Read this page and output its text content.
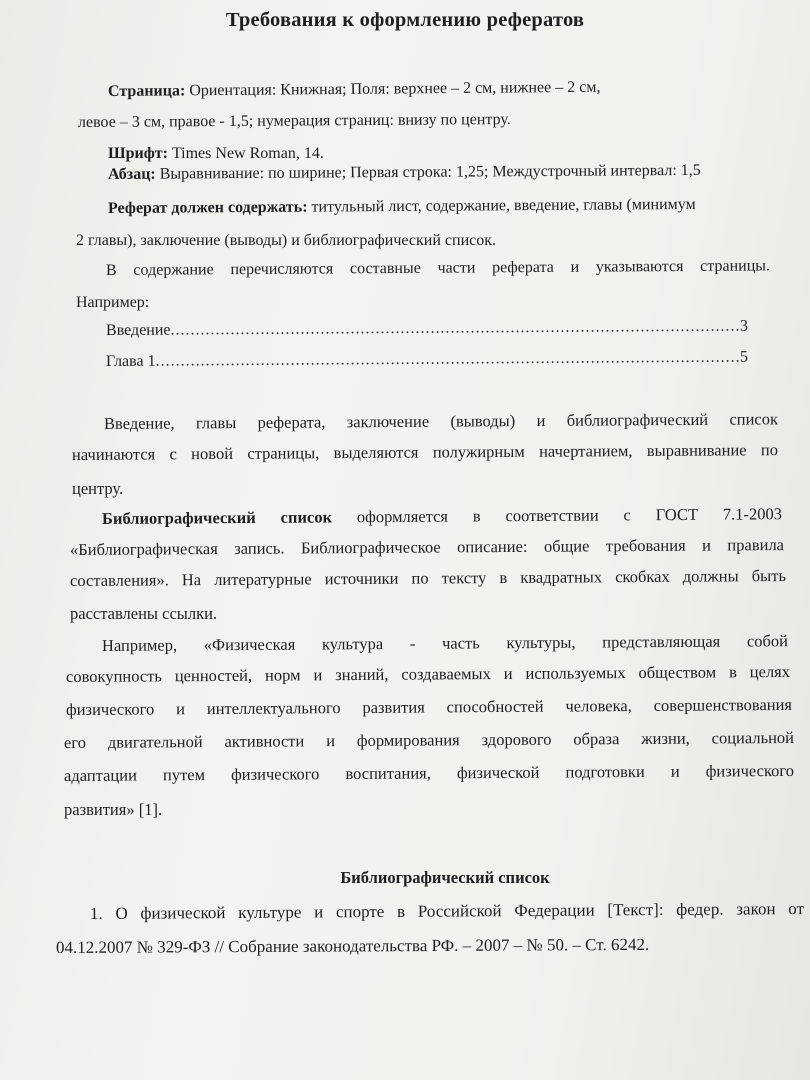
Требования к оформлению рефератов

Страница: Ориентация: Книжная; Поля: верхнее – 2 см, нижнее – 2 см,

левое – 3 см, правое - 1,5; нумерация страниц: внизу по центру.

Шрифт: Times New Roman, 14.

Абзац: Выравнивание: по ширине; Первая строка: 1,25; Междустрочный интервал: 1,5

Реферат должен содержать: титульный лист, содержание, введение, главы (минимум

2 главы), заключение (выводы) и библиографический список.

В содержание перечисляются составные части реферата и указываются страницы.

Например:

Введение .....	3
Глава 1 .....	5

Введение, главы реферата, заключение (выводы) и библиографический список

начинаются с новой страницы, выделяются полужирным начертанием, выравнивание по

центру.

Библиографический список оформляется в соответствии с ГОСТ 7.1-2003

«Библиографическая запись. Библиографическое описание: общие требования и правила

составления». На литературные источники по тексту в квадратных скобках должны быть

расставлены ссылки.

Например, «Физическая культура - часть культуры, представляющая собой

совокупность ценностей, норм и знаний, создаваемых и используемых обществом в целях

физического и интеллектуального развития способностей человека, совершенствования

его двигательной активности и формирования здорового образа жизни, социальной

адаптации путем физического воспитания, физической подготовки и физического

развития» [1].

Библиографический список

1. О физической культуре и спорте в Российской Федерации [Текст]: федер. закон от

04.12.2007 № 329-ФЗ // Собрание законодательства РФ. – 2007 – № 50. – Ст. 6242.
